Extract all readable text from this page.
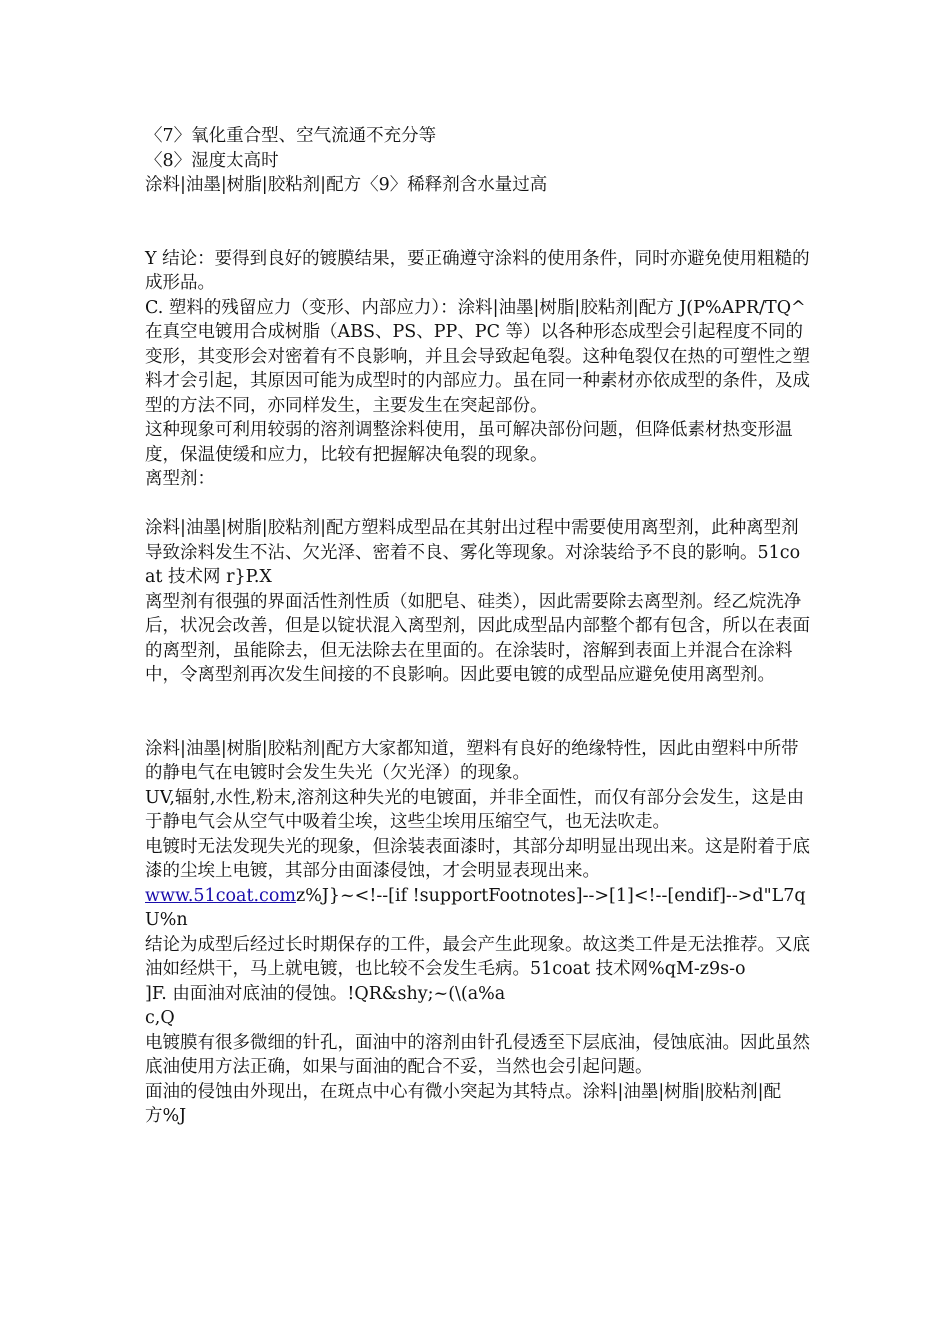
〈7〉氧化重合型、空气流通不充分等

〈8〉湿度太高时

涂料|油墨|树脂|胶粘剂|配方〈9〉稀释剂含水量过高

Y 结论：要得到良好的镀膜结果，要正确遵守涂料的使用条件，同时亦避免使用粗糙的成形品。

C. 塑料的残留应力（变形、内部应力）：涂料|油墨|树脂|胶粘剂|配方 J(P%APR/TQ^

在真空电镀用合成树脂（ABS、PS、PP、PC 等）以各种形态成型会引起程度不同的变形，其变形会对密着有不良影响，并且会导致起龟裂。这种龟裂仅在热的可塑性之塑料才会引起，其原因可能为成型时的内部应力。虽在同一种素材亦依成型的条件，及成型的方法不同，亦同样发生，主要发生在突起部份。

这种现象可利用较弱的溶剂调整涂料使用，虽可解决部份问题，但降低素材热变形温度，保温使缓和应力，比较有把握解决龟裂的现象。

离型剂：

涂料|油墨|树脂|胶粘剂|配方塑料成型品在其射出过程中需要使用离型剂，此种离型剂导致涂料发生不沾、欠光泽、密着不良、雾化等现象。对涂装给予不良的影响。51coat 技术网 r}P.X

离型剂有很强的界面活性剂性质（如肥皂、硅类），因此需要除去离型剂。经乙烷洗净后，状况会改善，但是以锭状混入离型剂，因此成型品内部整个都有包含，所以在表面的离型剂，虽能除去，但无法除去在里面的。在涂装时，溶解到表面上并混合在涂料中，令离型剂再次发生间接的不良影响。因此要电镀的成型品应避免使用离型剂。

涂料|油墨|树脂|胶粘剂|配方大家都知道，塑料有良好的绝缘特性，因此由塑料中所带的静电气在电镀时会发生失光（欠光泽）的现象。

UV,辐射,水性,粉末,溶剂这种失光的电镀面，并非全面性，而仅有部分会发生，这是由于静电气会从空气中吸着尘埃，这些尘埃用压缩空气，也无法吹走。

电镀时无法发现失光的现象，但涂装表面漆时，其部分却明显出现出来。这是附着于底漆的尘埃上电镀，其部分由面漆侵蚀，才会明显表现出来。

www.51coat.comz%J}~<!--[if !supportFootnotes]-->[1]<!--[endif]-->d"L7qU%n

结论为成型后经过长时期保存的工件，最会产生此现象。故这类工件是无法推荐。又底油如经烘干，马上就电镀，也比较不会发生毛病。51coat 技术网%qM-z9s-o

]F. 由面油对底油的侵蚀。!QR&shy;~(\(a%a

c,Q

电镀膜有很多微细的针孔，面油中的溶剂由针孔侵透至下层底油，侵蚀底油。因此虽然底油使用方法正确，如果与面油的配合不妥，当然也会引起问题。

面油的侵蚀由外现出，在斑点中心有微小突起为其特点。涂料|油墨|树脂|胶粘剂|配方%J
